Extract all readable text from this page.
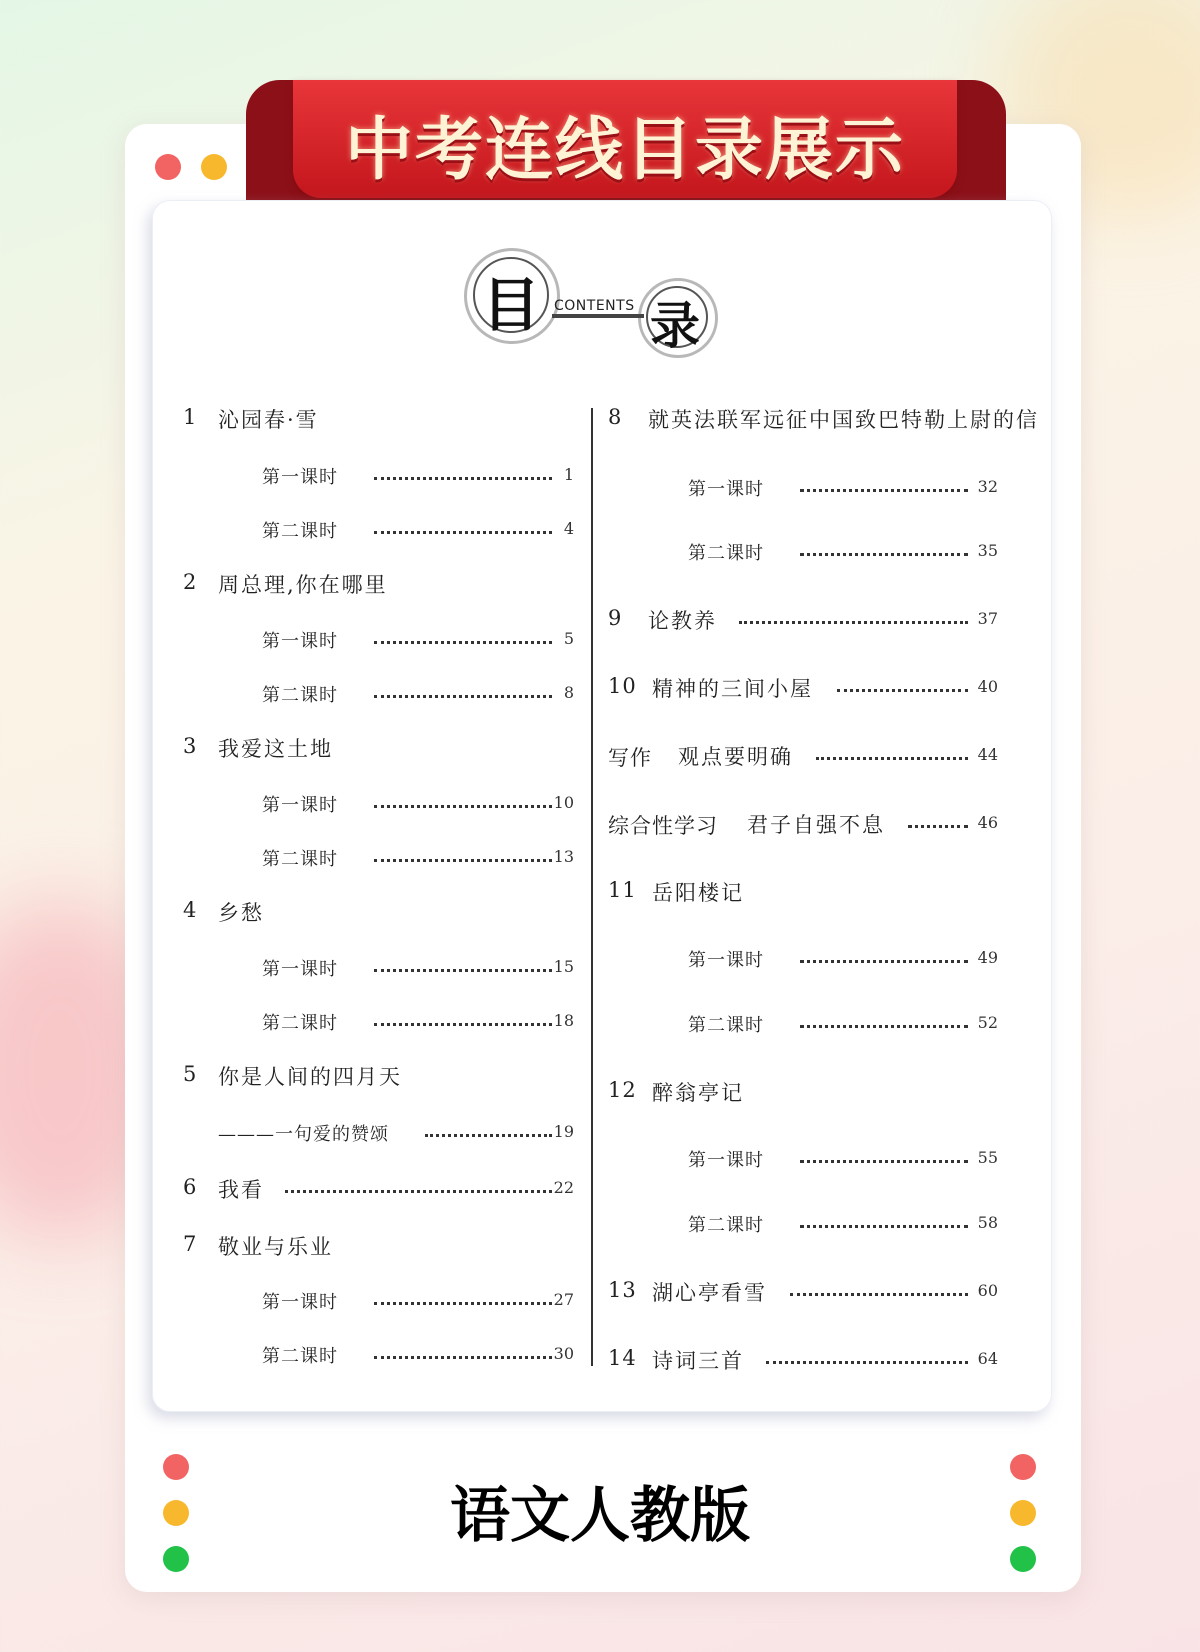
中考连线目录展示
目 录
CONTENTS
1 沁园春·雪
第一课时	1
第二课时	4
2 周总理,你在哪里
第一课时	5
第二课时	8
3 我爱这土地
第一课时	10
第二课时	13
4 乡愁
第一课时	15
第二课时	18
5 你是人间的四月天
———一句爱的赞颂	19
6 我看	22
7 敬业与乐业
第一课时	27
第二课时	30
8 就英法联军远征中国致巴特勒上尉的信
第一课时	32
第二课时	35
9 论教养	37
10 精神的三间小屋	40
写作 观点要明确	44
综合性学习 君子自强不息	46
11 岳阳楼记
第一课时	49
第二课时	52
12 醉翁亭记
第一课时	55
第二课时	58
13 湖心亭看雪	60
14 诗词三首	64
语文人教版
